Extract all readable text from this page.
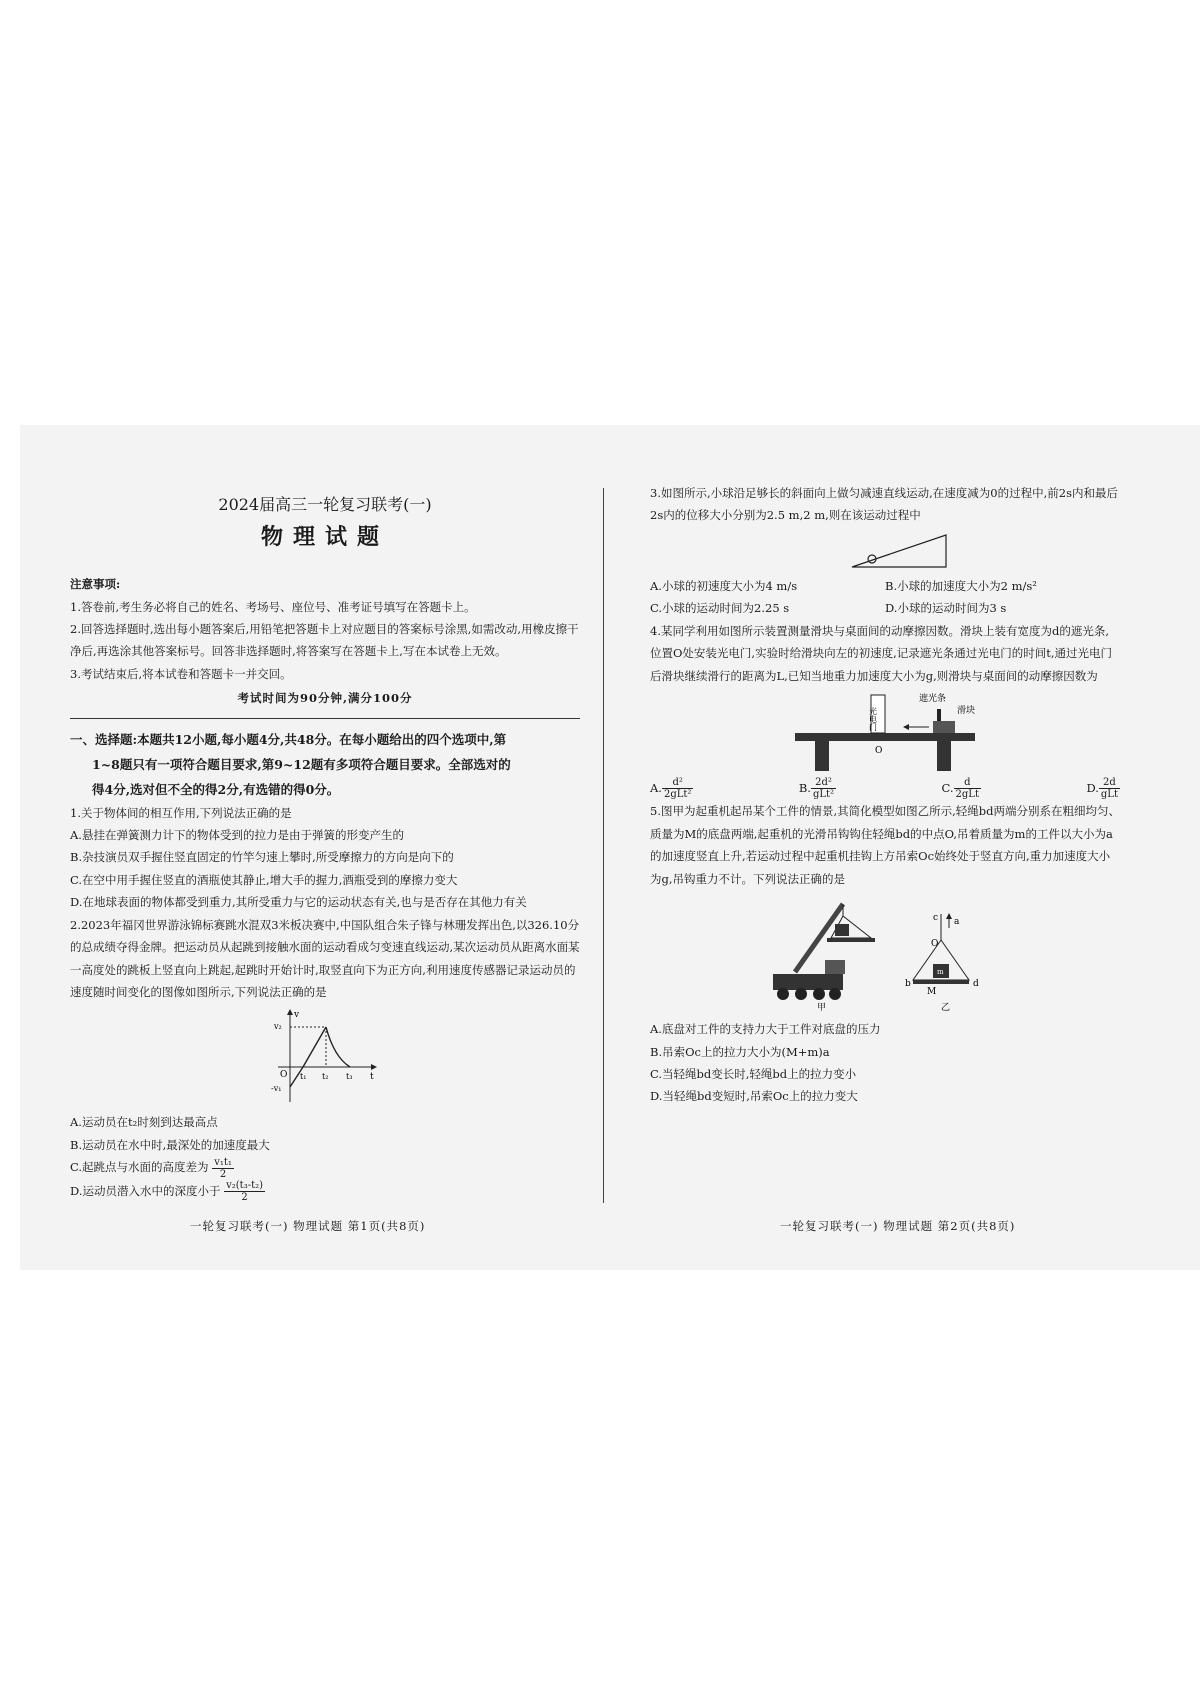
2024届高三一轮复习联考(一)
物理试题
注意事项:

1.答卷前,考生务必将自己的姓名、考场号、座位号、准考证号填写在答题卡上。

2.回答选择题时,选出每小题答案后,用铅笔把答题卡上对应题目的答案标号涂黑,如需改动,用橡皮擦干净后,再选涂其他答案标号。回答非选择题时,将答案写在答题卡上,写在本试卷上无效。

3.考试结束后,将本试卷和答题卡一并交回。

考试时间为90分钟,满分100分
一、选择题:本题共12小题,每小题4分,共48分。在每小题给出的四个选项中,第
1~8题只有一项符合题目要求,第9~12题有多项符合题目要求。全部选对的
得4分,选对但不全的得2分,有选错的得0分。

1.关于物体间的相互作用,下列说法正确的是

A.悬挂在弹簧测力计下的物体受到的拉力是由于弹簧的形变产生的

B.杂技演员双手握住竖直固定的竹竿匀速上攀时,所受摩擦力的方向是向下的

C.在空中用手握住竖直的酒瓶使其静止,增大手的握力,酒瓶受到的摩擦力变大

D.在地球表面的物体都受到重力,其所受重力与它的运动状态有关,也与是否存在其他力有关

2.2023年福冈世界游泳锦标赛跳水混双3米板决赛中,中国队组合朱子锋与林珊发挥出色,以326.10分的总成绩夺得金牌。把运动员从起跳到接触水面的运动看成匀变速直线运动,某次运动员从距离水面某一高度处的跳板上竖直向上跳起,起跳时开始计时,取竖直向下为正方向,利用速度传感器记录运动员的速度随时间变化的图像如图所示,下列说法正确的是

v
t
O
v₂
-v₁
t₁ t₂ t₃

A.运动员在t₂时刻到达最高点

B.运动员在水中时,最深处的加速度最大

C.起跳点与水面的高度差为 $\frac{\text{v₁t₁}}{2}$

D.运动员潜入水中的深度小于 $\frac{\text{v₂(t₃-t₂)}}{2}$

3.如图所示,小球沿足够长的斜面向上做匀减速直线运动,在速度减为0的过程中,前2s内和最后2s内的位移大小分别为2.5 m,2 m,则在该运动过程中

A.小球的初速度大小为4 m/s	B.小球的加速度大小为2 m/s²
C.小球的运动时间为2.25 s	D.小球的运动时间为3 s

4.某同学利用如图所示装置测量滑块与桌面间的动摩擦因数。滑块上装有宽度为d的遮光条,位置O处安装光电门,实验时给滑块向左的初速度,记录遮光条通过光电门的时间t,通过光电门后滑块继续滑行的距离为L,已知当地重力加速度大小为g,则滑块与桌面间的动摩擦因数为

光电门
O
遮光条
滑块
A. $\frac{\text{d²}}{\text{2gLt²}}$	B. $\frac{\text{2d²}}{\text{gLt²}}$	C. $\frac{d}{\text{2gLt}}$	D. $\frac{2d}{\text{gLt}}$

5.图甲为起重机起吊某个工件的情景,其简化模型如图乙所示,轻绳bd两端分别系在粗细均匀、质量为M的底盘两端,起重机的光滑吊钩钩住轻绳bd的中点O,吊着质量为m的工件以大小为a的加速度竖直上升,若运动过程中起重机挂钩上方吊索Oc始终处于竖直方向,重力加速度大小为g,吊钩重力不计。下列说法正确的是

甲
c a
O
m
b	d
M
乙

A.底盘对工件的支持力大于工件对底盘的压力

B.吊索Oc上的拉力大小为(M+m)a

C.当轻绳bd变长时,轻绳bd上的拉力变小

D.当轻绳bd变短时,吊索Oc上的拉力变大

一轮复习联考(一) 物理试题 第1页(共8页)	一轮复习联考(一) 物理试题 第2页(共8页)
